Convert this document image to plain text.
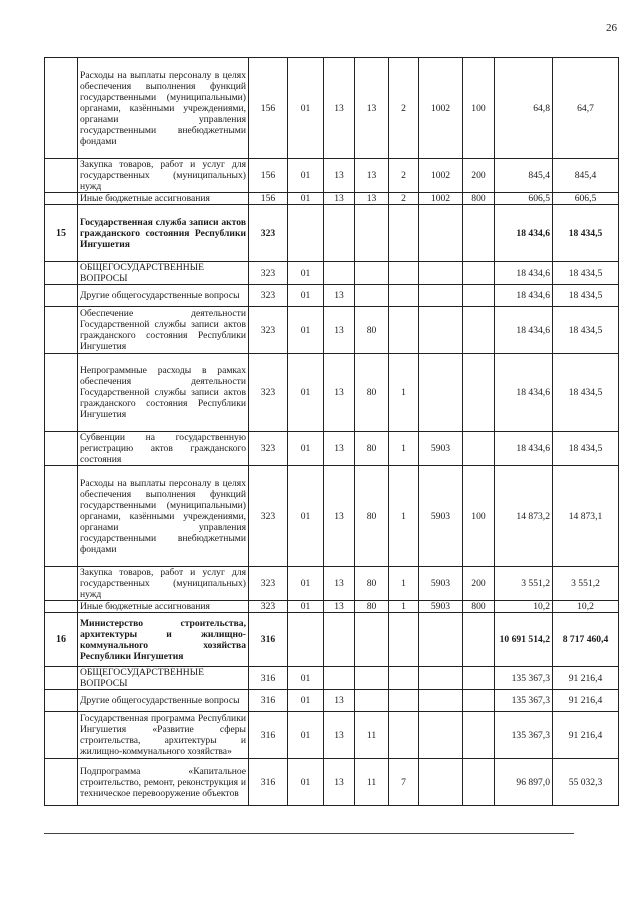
26
	Расходы на выплаты персоналу в целях обеспечения выполнения функций государственными (муниципальными) органами, казёнными учреждениями, органами управления государственными внебюджетными фондами	156	01	13	13	2	1002	100	64,8	64,7
	Закупка товаров, работ и услуг для государственных (муниципальных) нужд	156	01	13	13	2	1002	200	845,4	845,4
	Иные бюджетные ассигнования	156	01	13	13	2	1002	800	606,5	606,5
15	Государственная служба записи актов гражданского состояния Республики Ингушетия	323							18 434,6	18 434,5
	ОБЩЕГОСУДАРСТВЕННЫЕ ВОПРОСЫ	323	01						18 434,6	18 434,5
	Другие общегосударственные вопросы	323	01	13					18 434,6	18 434,5
	Обеспечение деятельности Государственной службы записи актов гражданского состояния Республики Ингушетия	323	01	13	80				18 434,6	18 434,5
	Непрограммные расходы в рамках обеспечения деятельности Государственной службы записи актов гражданского состояния Республики Ингушетия	323	01	13	80	1			18 434,6	18 434,5
	Субвенции на государственную регистрацию актов гражданского состояния	323	01	13	80	1	5903		18 434,6	18 434,5
	Расходы на выплаты персоналу в целях обеспечения выполнения функций государственными (муниципальными) органами, казёнными учреждениями, органами управления государственными внебюджетными фондами	323	01	13	80	1	5903	100	14 873,2	14 873,1
	Закупка товаров, работ и услуг для государственных (муниципальных) нужд	323	01	13	80	1	5903	200	3 551,2	3 551,2
	Иные бюджетные ассигнования	323	01	13	80	1	5903	800	10,2	10,2
16	Министерство строительства, архитектуры и жилищно-коммунального хозяйства Республики Ингушетия	316							10 691 514,2	8 717 460,4
	ОБЩЕГОСУДАРСТВЕННЫЕ ВОПРОСЫ	316	01						135 367,3	91 216,4
	Другие общегосударственные вопросы	316	01	13					135 367,3	91 216,4
	Государственная программа Республики Ингушетия «Развитие сферы строительства, архитектуры и жилищно-коммунального хозяйства»	316	01	13	11				135 367,3	91 216,4
	Подпрограмма «Капитальное строительство, ремонт, реконструкция и техническое перевооружение объектов	316	01	13	11	7			96 897,0	55 032,3
